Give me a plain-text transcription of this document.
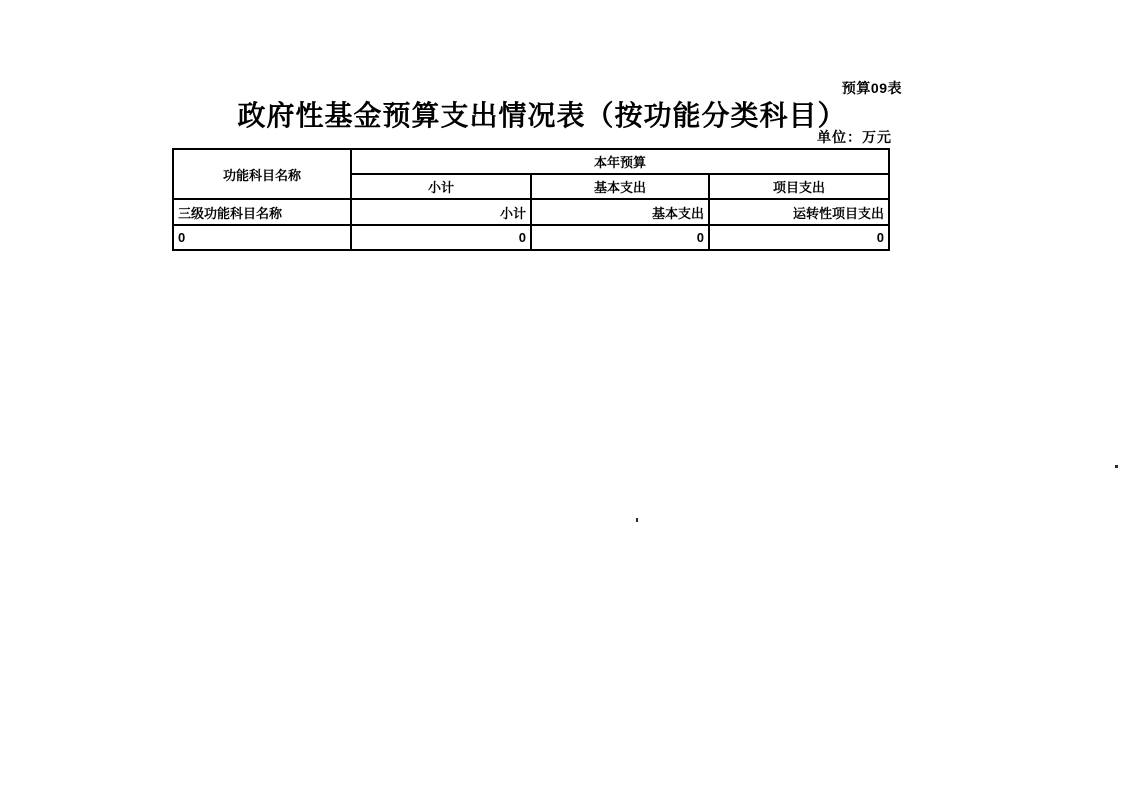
预算09表
政府性基金预算支出情况表（按功能分类科目）
单位：万元
功能科目名称	本年预算		
	小计	基本支出	项目支出
三级功能科目名称	小计	基本支出	运转性项目支出
0	0	0	0
